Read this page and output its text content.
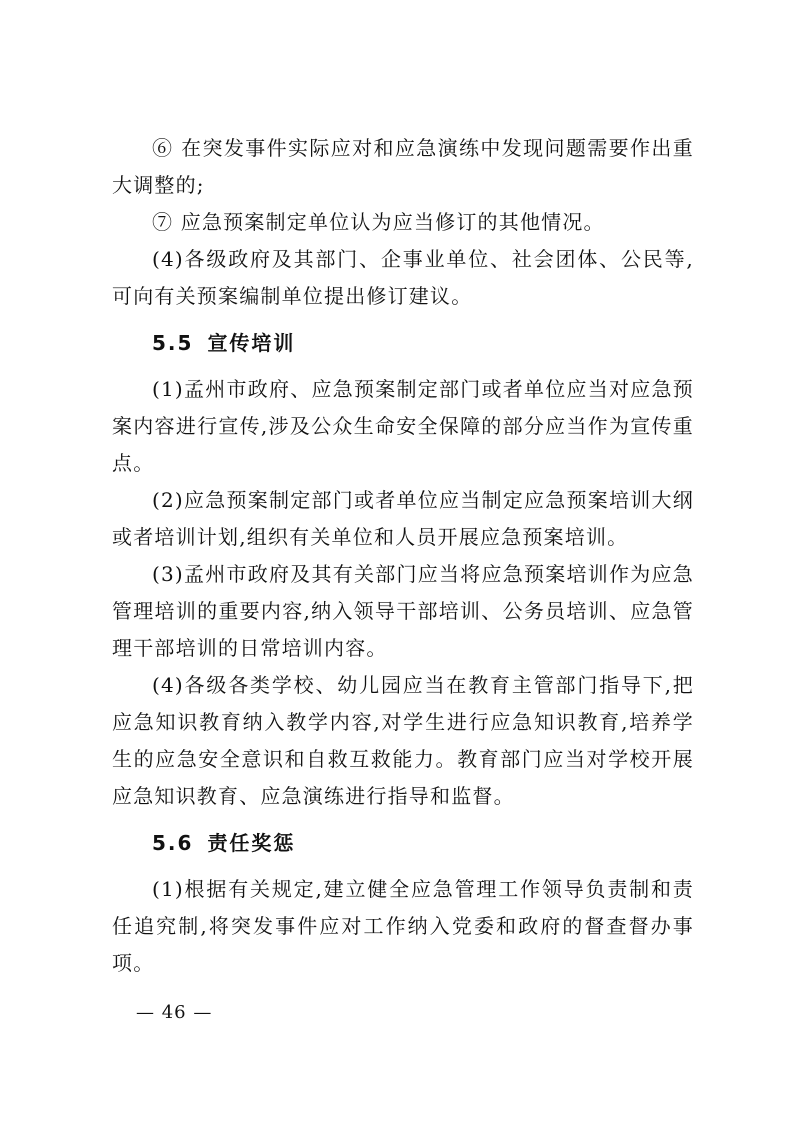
⑥ 在突发事件实际应对和应急演练中发现问题需要作出重大调整的;

⑦ 应急预案制定单位认为应当修订的其他情况。

(4)各级政府及其部门、企事业单位、社会团体、公民等,可向有关预案编制单位提出修订建议。

5.5 宣传培训

(1)孟州市政府、应急预案制定部门或者单位应当对应急预案内容进行宣传,涉及公众生命安全保障的部分应当作为宣传重点。

(2)应急预案制定部门或者单位应当制定应急预案培训大纲或者培训计划,组织有关单位和人员开展应急预案培训。

(3)孟州市政府及其有关部门应当将应急预案培训作为应急管理培训的重要内容,纳入领导干部培训、公务员培训、应急管理干部培训的日常培训内容。

(4)各级各类学校、幼儿园应当在教育主管部门指导下,把应急知识教育纳入教学内容,对学生进行应急知识教育,培养学生的应急安全意识和自救互救能力。教育部门应当对学校开展应急知识教育、应急演练进行指导和监督。

5.6 责任奖惩

(1)根据有关规定,建立健全应急管理工作领导负责制和责任追究制,将突发事件应对工作纳入党委和政府的督查督办事项。

— 46 —
